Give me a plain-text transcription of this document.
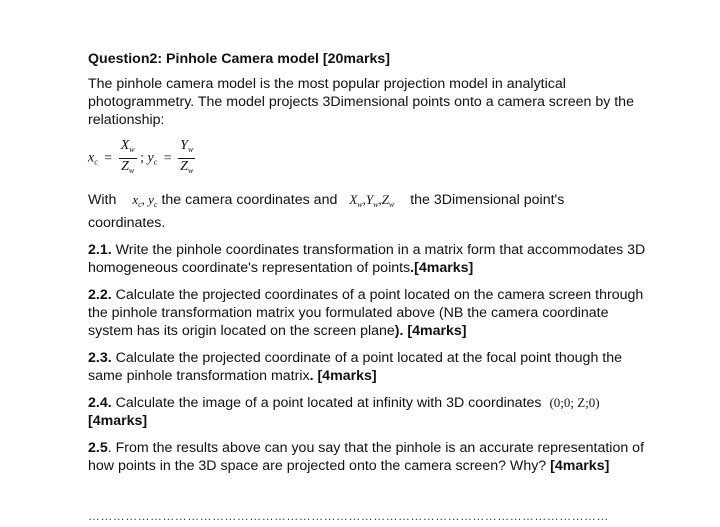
Question2: Pinhole Camera model [20marks]

The pinhole camera model is the most popular projection model in analytical photogrammetry. The model projects 3Dimensional points onto a camera screen by the relationship:

$x_c = \frac{X_w}{Z_w}$ ; $y_c = \frac{Y_w}{Z_w}$

With $x_c$, $y_c$ the camera coordinates and $X_w,Y_w,Z_w$ the 3Dimensional point's
coordinates.

2.1. Write the pinhole coordinates transformation in a matrix form that accommodates 3D homogeneous coordinate's representation of points.[4marks]

2.2. Calculate the projected coordinates of a point located on the camera screen through the pinhole transformation matrix you formulated above (NB the camera coordinate system has its origin located on the screen plane). [4marks]

2.3. Calculate the projected coordinate of a point located at the focal point though the same pinhole transformation matrix. [4marks]

2.4. Calculate the image of a point located at infinity with 3D coordinates (0;0; Z;0)
[4marks]

2.5. From the results above can you say that the pinhole is an accurate representation of how points in the 3D space are projected onto the camera screen? Why? [4marks]

………………………………………………………………………………………………………………
